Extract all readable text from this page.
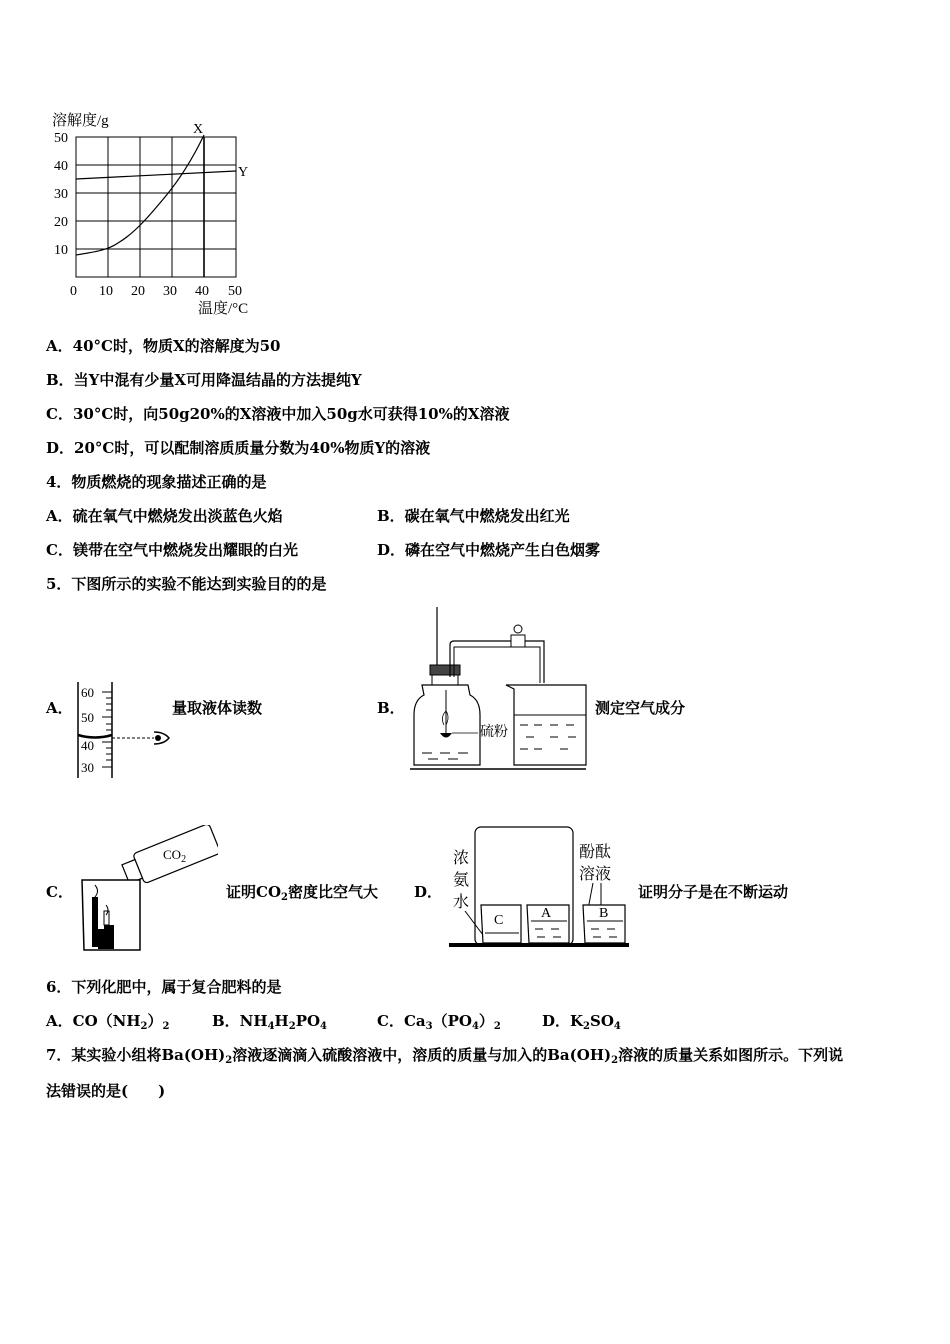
溶解度/g
50
40
30
20
10
0 10 20 30 40 50
温度/°C
X
Y
A．40°C时，物质X的溶解度为50
B．当Y中混有少量X可用降温结晶的方法提纯Y
C．30°C时，向50g20%的X溶液中加入50g水可获得10%的X溶液
D．20°C时，可以配制溶质质量分数为40%物质Y的溶液
4．物质燃烧的现象描述正确的是
A．硫在氧气中燃烧发出淡蓝色火焰	B．碳在氧气中燃烧发出红光
C．镁带在空气中燃烧发出耀眼的白光	D．磷在空气中燃烧产生白色烟雾
5．下图所示的实验不能达到实验目的的是
A．
60
50
40
30
量取液体读数	B．
硫粉
测定空气成分
C．
$CO_2$
证明$CO_2$密度比空气大 D．
浓
氨
水
酚酞
溶液
C	A	B
证明分子是在不断运动
6．下列化肥中，属于复合肥料的是
A．$CO(NH_2)_2$	B．$NH_4H_2PO_4$	C．$Ca_3(PO_4)_2$	D．$K_2SO_4$
7．某实验小组将$Ba(OH)_2$溶液逐滴滴入硫酸溶液中，溶质的质量与加入的$Ba(OH)_2$溶液的质量关系如图所示。下列说
法错误的是(　　)
